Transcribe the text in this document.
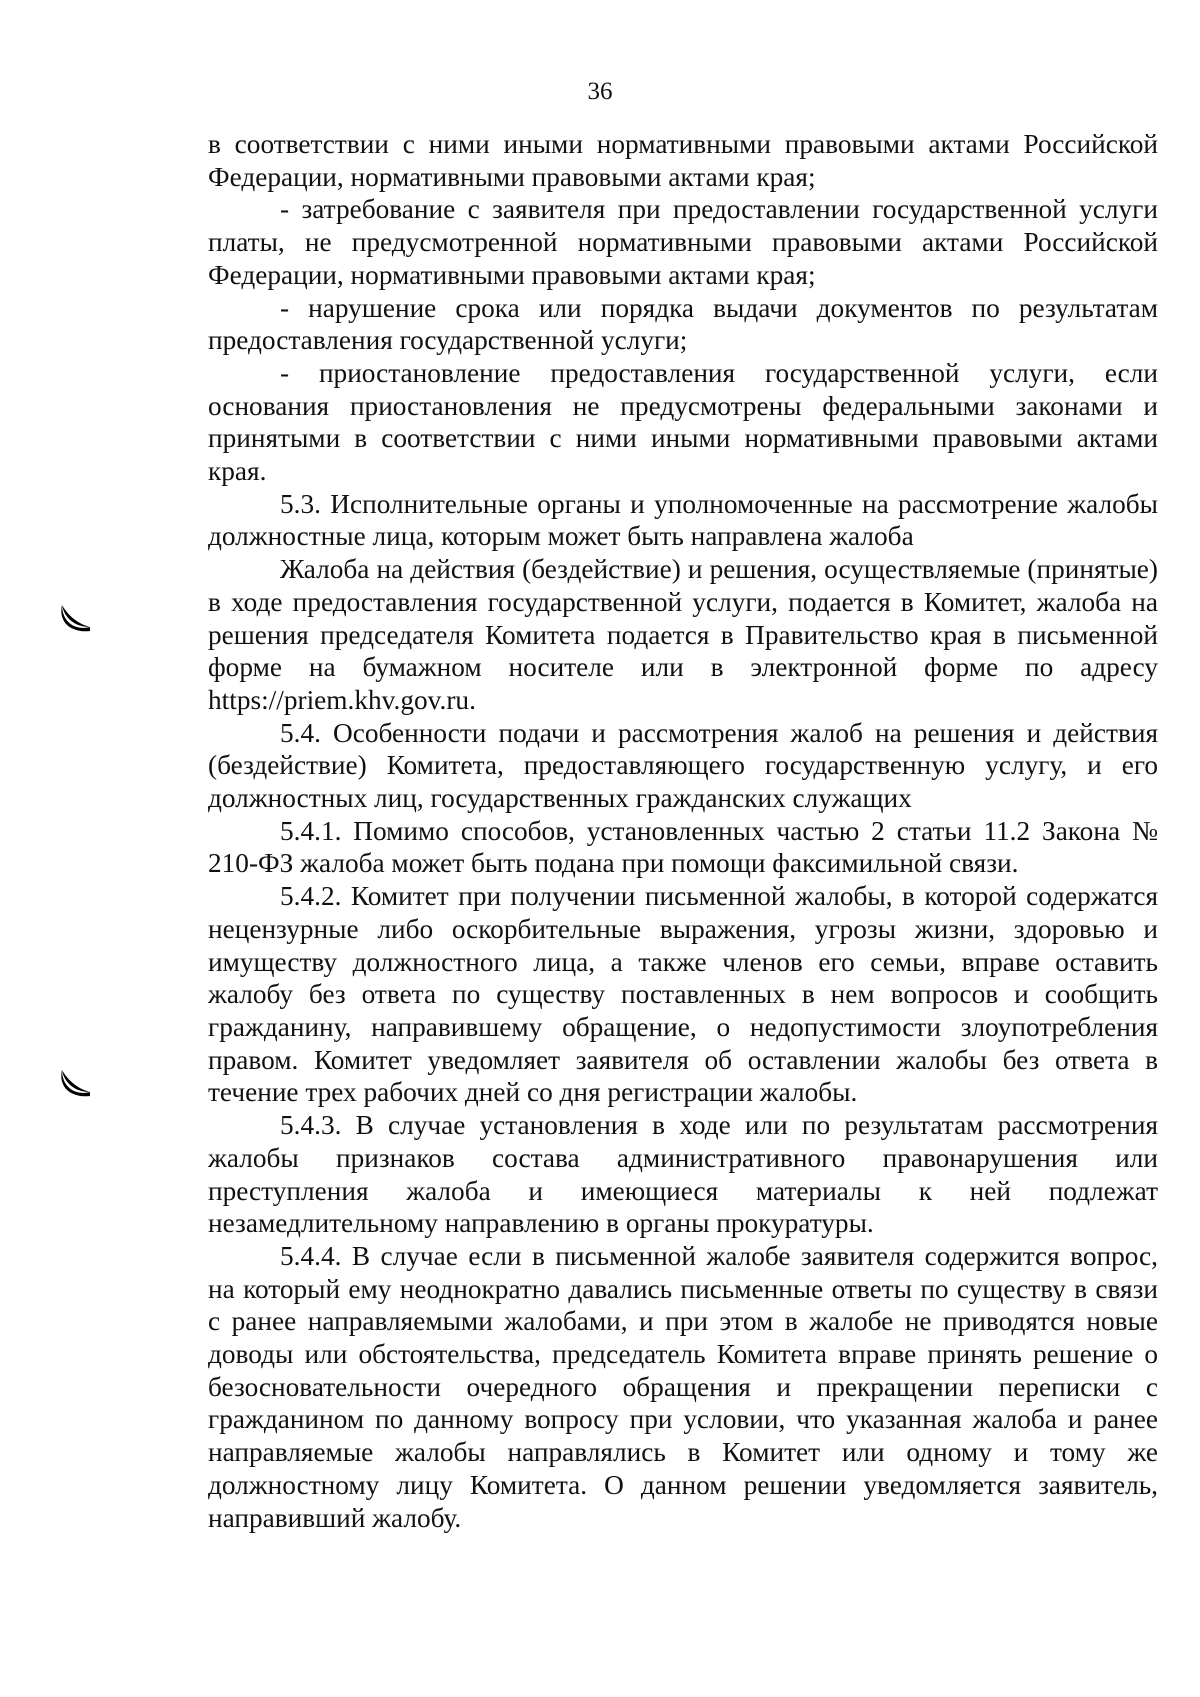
36

в соответствии с ними иными нормативными правовыми актами Российской Федерации, нормативными правовыми актами края;

- затребование с заявителя при предоставлении государственной услуги платы, не предусмотренной нормативными правовыми актами Российской Федерации, нормативными правовыми актами края;

- нарушение срока или порядка выдачи документов по результатам предоставления государственной услуги;

- приостановление предоставления государственной услуги, если основания приостановления не предусмотрены федеральными законами и принятыми в соответствии с ними иными нормативными правовыми актами края.

5.3. Исполнительные органы и уполномоченные на рассмотрение жалобы должностные лица, которым может быть направлена жалоба

Жалоба на действия (бездействие) и решения, осуществляемые (принятые) в ходе предоставления государственной услуги, подается в Комитет, жалоба на решения председателя Комитета подается в Правительство края в письменной форме на бумажном носителе или в электронной форме по адресу https://priem.khv.gov.ru.

5.4. Особенности подачи и рассмотрения жалоб на решения и действия (бездействие) Комитета, предоставляющего государственную услугу, и его должностных лиц, государственных гражданских служащих

5.4.1. Помимо способов, установленных частью 2 статьи 11.2 Закона № 210-ФЗ жалоба может быть подана при помощи факсимильной связи.

5.4.2. Комитет при получении письменной жалобы, в которой содержатся нецензурные либо оскорбительные выражения, угрозы жизни, здоровью и имуществу должностного лица, а также членов его семьи, вправе оставить жалобу без ответа по существу поставленных в нем вопросов и сообщить гражданину, направившему обращение, о недопустимости злоупотребления правом. Комитет уведомляет заявителя об оставлении жалобы без ответа в течение трех рабочих дней со дня регистрации жалобы.

5.4.3. В случае установления в ходе или по результатам рассмотрения жалобы признаков состава административного правонарушения или преступления жалоба и имеющиеся материалы к ней подлежат незамедлительному направлению в органы прокуратуры.

5.4.4. В случае если в письменной жалобе заявителя содержится вопрос, на который ему неоднократно давались письменные ответы по существу в связи с ранее направляемыми жалобами, и при этом в жалобе не приводятся новые доводы или обстоятельства, председатель Комитета вправе принять решение о безосновательности очередного обращения и прекращении переписки с гражданином по данному вопросу при условии, что указанная жалоба и ранее направляемые жалобы направлялись в Комитет или одному и тому же должностному лицу Комитета. О данном решении уведомляется заявитель, направивший жалобу.
